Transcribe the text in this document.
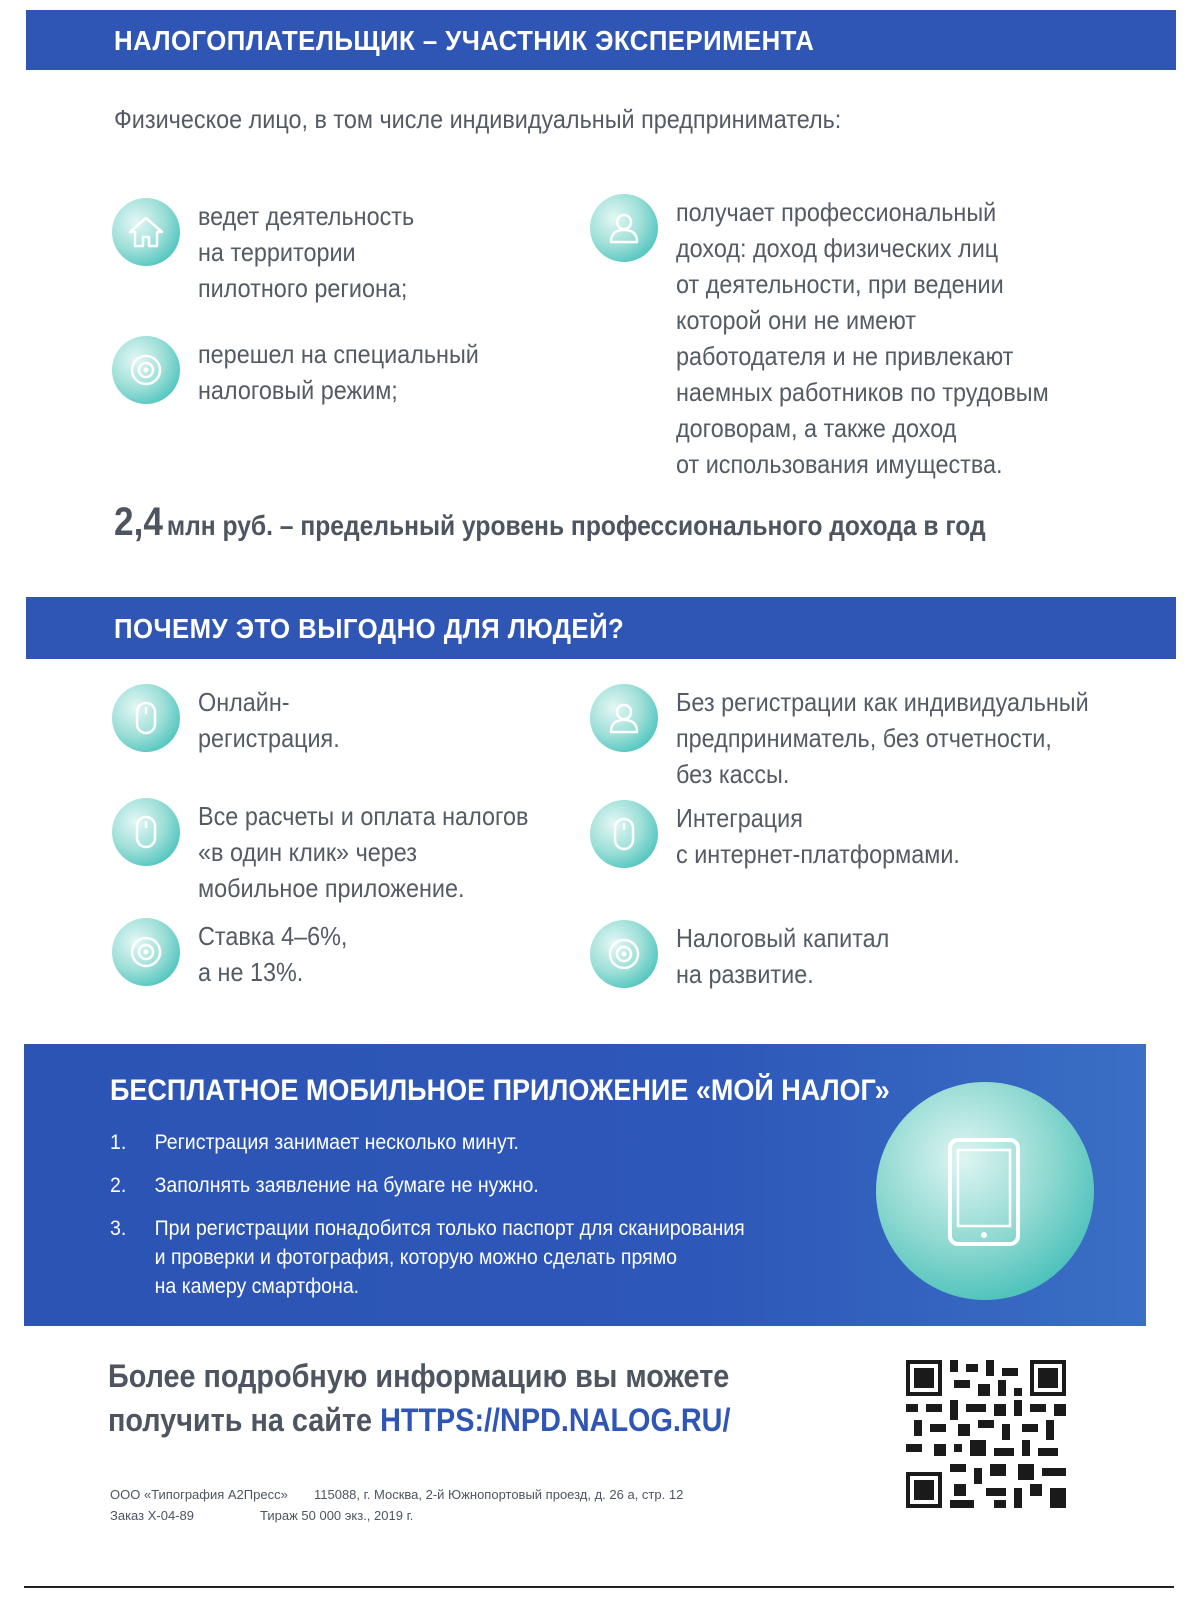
НАЛОГОПЛАТЕЛЬЩИК – УЧАСТНИК ЭКСПЕРИМЕНТА
Физическое лицо, в том числе индивидуальный предприниматель:
ведет деятельность
на территории
пилотного региона;
перешел на специальный
налоговый режим;
получает профессиональный
доход: доход физических лиц
от деятельности, при ведении
которой они не имеют
работодателя и не привлекают
наемных работников по трудовым
договорам, а также доход
от использования имущества.
2,4 млн руб. – предельный уровень профессионального дохода в год
ПОЧЕМУ ЭТО ВЫГОДНО ДЛЯ ЛЮДЕЙ?
Онлайн-
регистрация.
Все расчеты и оплата налогов
«в один клик» через
мобильное приложение.
Ставка 4–6%,
а не 13%.
Без регистрации как индивидуальный
предприниматель, без отчетности,
без кассы.
Интеграция
с интернет-платформами.
Налоговый капитал
на развитие.
БЕСПЛАТНОЕ МОБИЛЬНОЕ ПРИЛОЖЕНИЕ «МОЙ НАЛОГ»
1.	Регистрация занимает несколько минут.
2.	Заполнять заявление на бумаге не нужно.
3.	При регистрации понадобится только паспорт для сканирования
и проверки и фотография, которую можно сделать прямо
на камеру смартфона.
Более подробную информацию вы можете
получить на сайте HTTPS://NPD.NALOG.RU/
ООО «Типография А2Пресс» 115088, г. Москва, 2-й Южнопортовый проезд, д. 26 а, стр. 12
Заказ Х-04-89	Тираж 50 000 экз., 2019 г.
